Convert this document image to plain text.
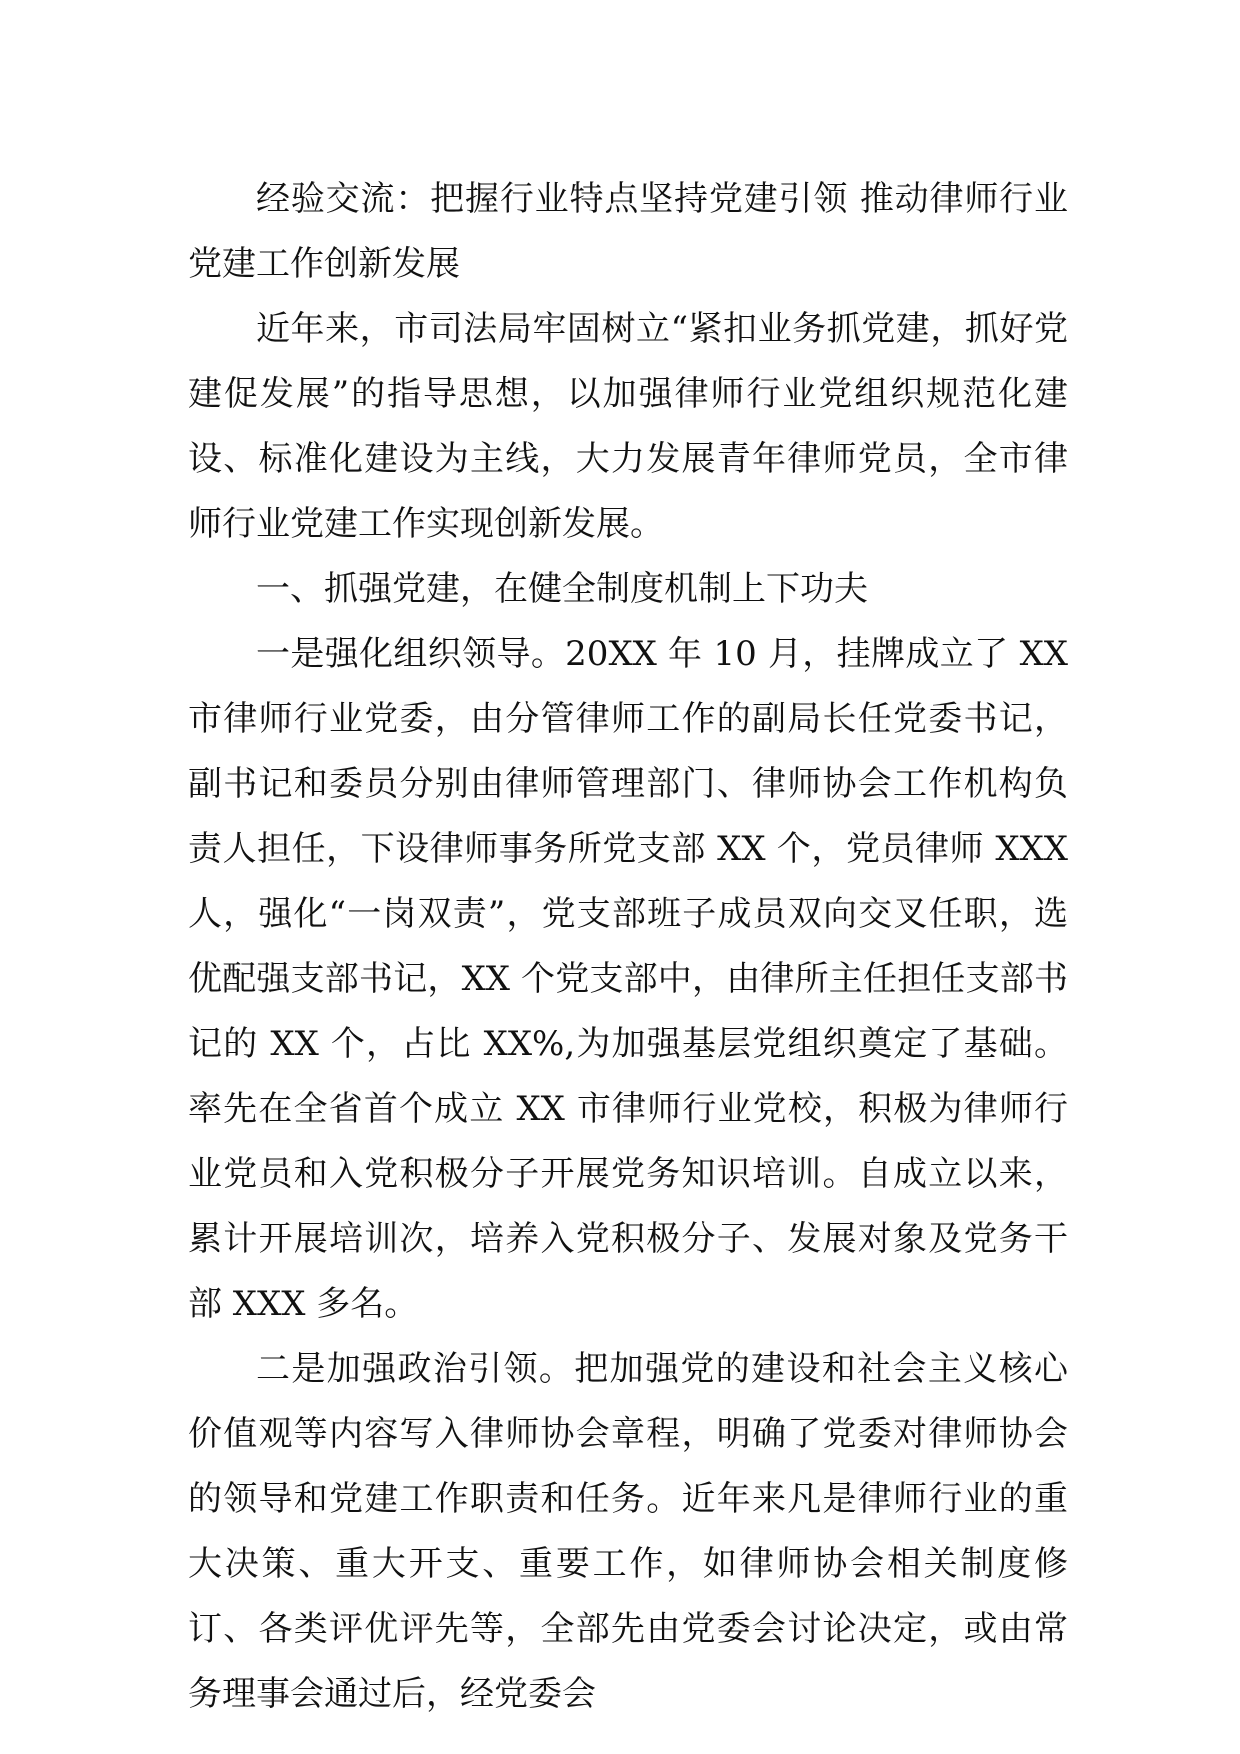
经验交流：把握行业特点坚持党建引领 推动律师行业党建工作创新发展

近年来，市司法局牢固树立“紧扣业务抓党建，抓好党建促发展”的指导思想，以加强律师行业党组织规范化建设、标准化建设为主线，大力发展青年律师党员，全市律师行业党建工作实现创新发展。

一、抓强党建，在健全制度机制上下功夫

一是强化组织领导。20XX 年 10 月，挂牌成立了 XX 市律师行业党委，由分管律师工作的副局长任党委书记，副书记和委员分别由律师管理部门、律师协会工作机构负责人担任，下设律师事务所党支部 XX 个，党员律师 XXX 人，强化“一岗双责”，党支部班子成员双向交叉任职，选优配强支部书记，XX 个党支部中，由律所主任担任支部书记的 XX 个，占比 XX%,为加强基层党组织奠定了基础。率先在全省首个成立 XX 市律师行业党校，积极为律师行业党员和入党积极分子开展党务知识培训。自成立以来，累计开展培训次，培养入党积极分子、发展对象及党务干部 XXX 多名。

二是加强政治引领。把加强党的建设和社会主义核心价值观等内容写入律师协会章程，明确了党委对律师协会的领导和党建工作职责和任务。近年来凡是律师行业的重大决策、重大开支、重要工作，如律师协会相关制度修订、各类评优评先等，全部先由党委会讨论决定，或由常务理事会通过后，经党委会
